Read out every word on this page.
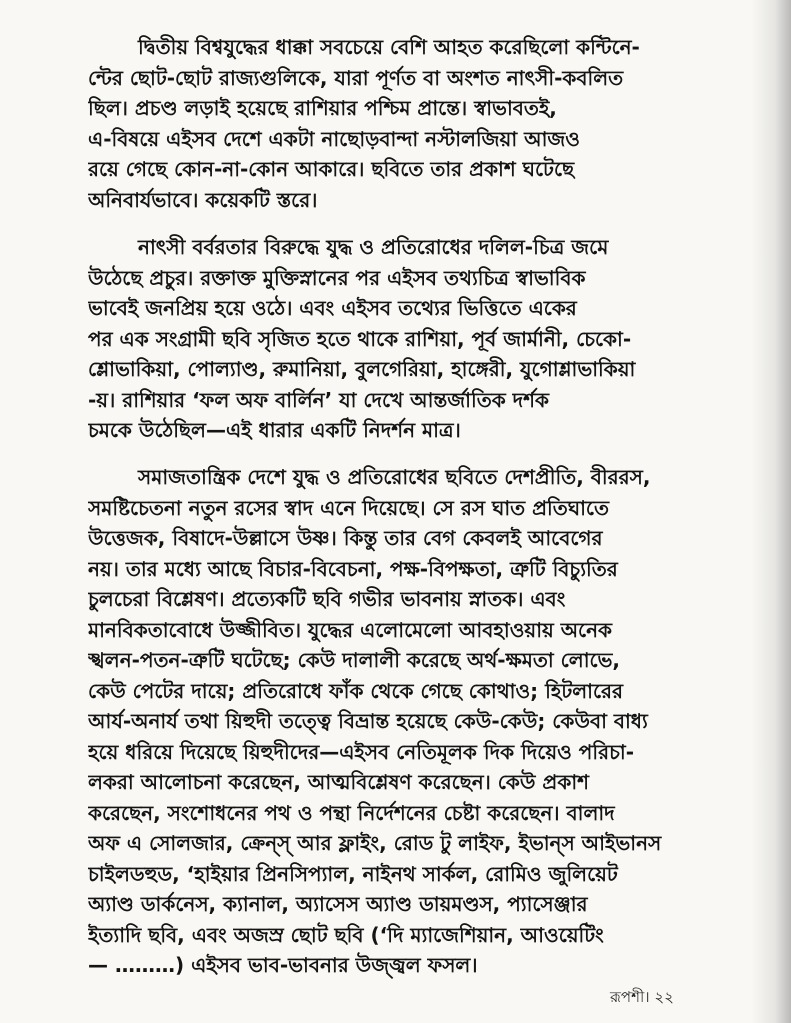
দ্বিতীয় বিশ্বযুদ্ধের ধাক্কা সবচেয়ে বেশি আহত করেছিলো কন্টিনে-
ন্টের ছোট-ছোট রাজ্যগুলিকে, যারা পূর্ণত বা অংশত নাৎসী-কবলিত
ছিল। প্রচণ্ড লড়াই হয়েছে রাশিয়ার পশ্চিম প্রান্তে। স্বাভাবতই,
এ-বিষয়ে এইসব দেশে একটা নাছোড়বান্দা নস্টালজিয়া আজও
রয়ে গেছে কোন-না-কোন আকারে। ছবিতে তার প্রকাশ ঘটেছে
অনিবার্যভাবে। কয়েকটি স্তরে।
নাৎসী বর্বরতার বিরুদ্ধে যুদ্ধ ও প্রতিরোধের দলিল-চিত্র জমে
উঠেছে প্রচুর। রক্তাক্ত মুক্তিস্নানের পর এইসব তথ্যচিত্র স্বাভাবিক
ভাবেই জনপ্রিয় হয়ে ওঠে। এবং এইসব তথ্যের ভিত্তিতে একের
পর এক সংগ্রামী ছবি সৃজিত হতে থাকে রাশিয়া, পূর্ব জার্মানী, চেকো-
শ্লোভাকিয়া, পোল্যাণ্ড, রুমানিয়া, বুলগেরিয়া, হাঙ্গেরী, যুগোশ্লাভাকিয়া
-য়। রাশিয়ার ‘ফল অফ বার্লিন’ যা দেখে আন্তর্জাতিক দর্শক
চমকে উঠেছিল—এই ধারার একটি নিদর্শন মাত্র।
সমাজতান্ত্রিক দেশে যুদ্ধ ও প্রতিরোধের ছবিতে দেশপ্রীতি, বীররস,
সমষ্টিচেতনা নতুন রসের স্বাদ এনে দিয়েছে। সে রস ঘাত প্রতিঘাতে
উত্তেজক, বিষাদে-উল্লাসে উষ্ণ। কিন্তু তার বেগ কেবলই আবেগের
নয়। তার মধ্যে আছে বিচার-বিবেচনা, পক্ষ-বিপক্ষতা, ত্রুটি বিচ্যুতির
চুলচেরা বিশ্লেষণ। প্রত্যেকটি ছবি গভীর ভাবনায় স্নাতক। এবং
মানবিকতাবোধে উজ্জীবিত। যুদ্ধের এলোমেলো আবহাওয়ায় অনেক
স্খলন-পতন-ত্রুটি ঘটেছে; কেউ দালালী করেছে অর্থ-ক্ষমতা লোভে,
কেউ পেটের দায়ে; প্রতিরোধে ফাঁক থেকে গেছে কোথাও; হিটলারের
আর্য-অনার্য তথা য়িহুদী তত্ত্বে বিভ্রান্ত হয়েছে কেউ-কেউ; কেউবা বাধ্য
হয়ে ধরিয়ে দিয়েছে য়িহুদীদের—এইসব নেতিমূলক দিক দিয়েও পরিচা-
লকরা আলোচনা করেছেন, আত্মবিশ্লেষণ করেছেন। কেউ প্রকাশ
করেছেন, সংশোধনের পথ ও পন্থা নির্দেশনের চেষ্টা করেছেন। বালাদ
অফ এ সোলজার, ক্রেন্‌স্ আর ফ্লাইং, রোড টু লাইফ, ইভান্‌স আইভানস
চাইলডহুড, ‘হাইয়ার প্রিনসিপ্যাল, নাইনথ সার্কল, রোমিও জুলিয়েট
অ্যাণ্ড ডার্কনেস, ক্যানাল, অ্যাসেস অ্যাণ্ড ডায়মণ্ডস, প্যাসেঞ্জার
ইত্যাদি ছবি, এবং অজস্র ছোট ছবি (‘দি ম্যাজেশিয়ান, আওয়েটিং
— ………) এইসব ভাব-ভাবনার উজ্জ্বল ফসল।
রূপশী। ২২
